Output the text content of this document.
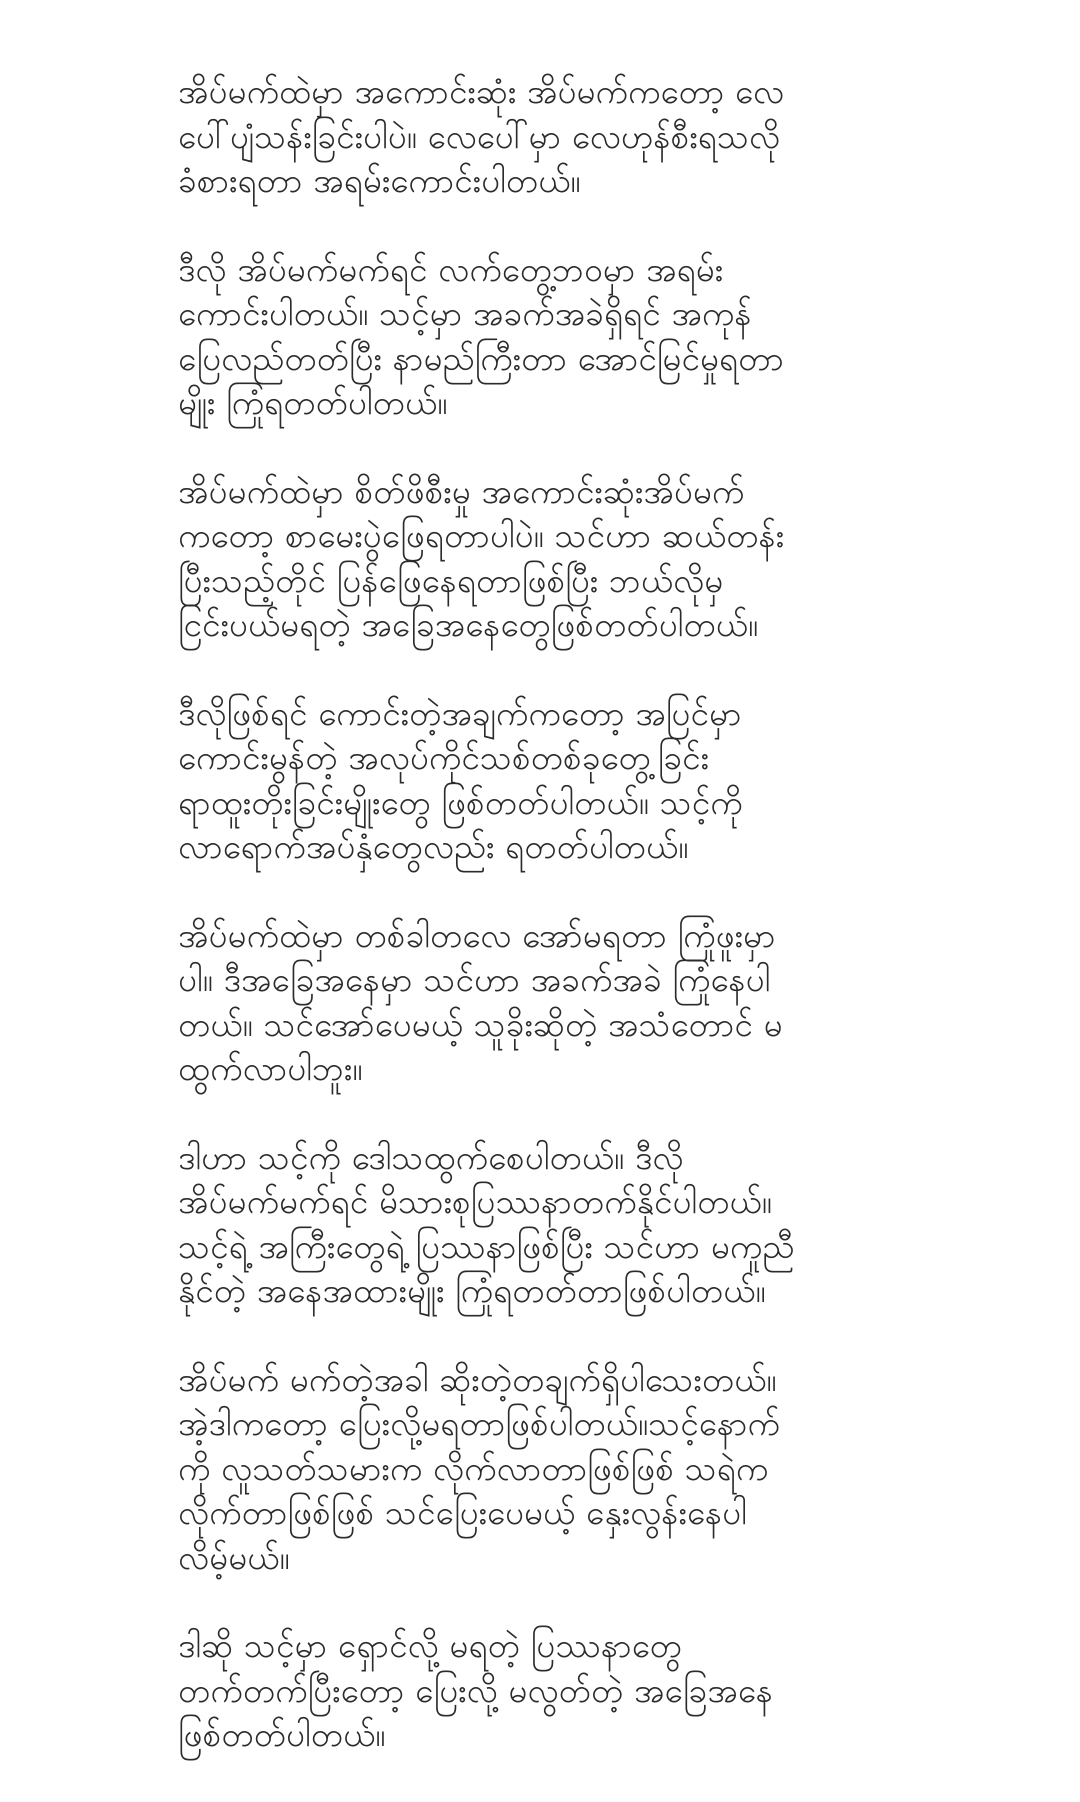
အိပ်မက်ထဲမှာ အကောင်းဆုံး အိပ်မက်ကတော့ လေ
ပေါ်ပျံသန်းခြင်းပါပဲ။ လေပေါ်မှာ လေဟုန်စီးရသလို
ခံစားရတာ အရမ်းကောင်းပါတယ်။

ဒီလို အိပ်မက်မက်ရင် လက်တွေ့ဘဝမှာ အရမ်း
ကောင်းပါတယ်။ သင့်မှာ အခက်အခဲရှိရင် အကုန်
ပြေလည်တတ်ပြီး နာမည်ကြီးတာ အောင်မြင်မှုရတာ
မျိုး ကြုံရတတ်ပါတယ်။

အိပ်မက်ထဲမှာ စိတ်ဖိစီးမှု အကောင်းဆုံးအိပ်မက်
ကတော့ စာမေးပွဲဖြေရတာပါပဲ။ သင်ဟာ ဆယ်တန်း
ပြီးသည့်တိုင် ပြန်ဖြေနေရတာဖြစ်ပြီး ဘယ်လိုမှ
ငြင်းပယ်မရတဲ့ အခြေအနေတွေဖြစ်တတ်ပါတယ်။

ဒီလိုဖြစ်ရင် ကောင်းတဲ့အချက်ကတော့ အပြင်မှာ
ကောင်းမွန်တဲ့ အလုပ်ကိုင်သစ်တစ်ခုတွေ့ခြင်း
ရာထူးတိုးခြင်းမျိုးတွေ ဖြစ်တတ်ပါတယ်။ သင့်ကို
လာရောက်အပ်နှံတွေလည်း ရတတ်ပါတယ်။

အိပ်မက်ထဲမှာ တစ်ခါတလေ အော်မရတာ ကြုံဖူးမှာ
ပါ။ ဒီအခြေအနေမှာ သင်ဟာ အခက်အခဲ ကြုံနေပါ
တယ်။ သင်အော်ပေမယ့် သူခိုးဆိုတဲ့ အသံတောင် မ
ထွက်လာပါဘူး။

ဒါဟာ သင့်ကို ဒေါသထွက်စေပါတယ်။ ဒီလို
အိပ်မက်မက်ရင် မိသားစုပြဿနာတက်နိုင်ပါတယ်။
သင့်ရဲ့ အကြီးတွေရဲ့ ပြဿနာဖြစ်ပြီး သင်ဟာ မကူညီ
နိုင်တဲ့ အနေအထားမျိုး ကြုံရတတ်တာဖြစ်ပါတယ်။

အိပ်မက် မက်တဲ့အခါ ဆိုးတဲ့တချက်ရှိပါသေးတယ်။
အဲ့ဒါကတော့ ပြေးလို့မရတာဖြစ်ပါတယ်။သင့်နောက်
ကို လူသတ်သမားက လိုက်လာတာဖြစ်ဖြစ် သရဲက
လိုက်တာဖြစ်ဖြစ် သင်ပြေးပေမယ့် နှေးလွန်းနေပါ
လိမ့်မယ်။

ဒါဆို သင့်မှာ ရှောင်လို့ မရတဲ့ ပြဿနာတွေ
တက်တက်ပြီးတော့ ပြေးလို့ မလွတ်တဲ့ အခြေအနေ
ဖြစ်တတ်ပါတယ်။
